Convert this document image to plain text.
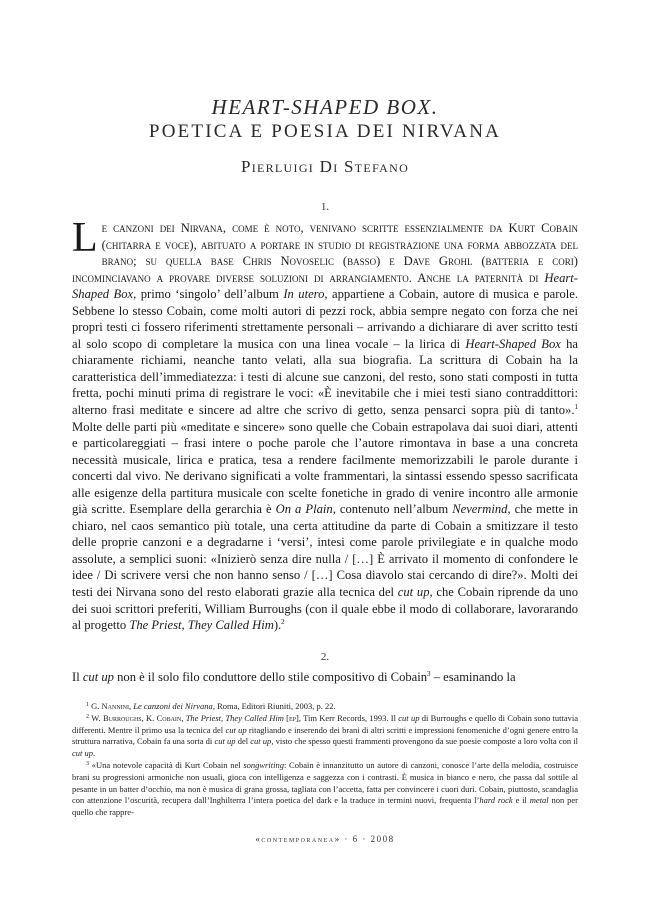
HEART-SHAPED BOX.
POETICA E POESIA DEI NIRVANA
Pierluigi Di Stefano
1.
Le canzoni dei Nirvana, come è noto, venivano scritte essenzialmente da Kurt Cobain (chitarra e voce), abituato a portare in studio di registrazione una forma abbozzata del brano; su quella base Chris Novoselic (basso) e Dave Grohl (batteria e cori) incominciavano a provare diverse soluzioni di arrangiamento. Anche la paternità di Heart-Shaped Box, primo ‘singolo’ dell’album In utero, appartiene a Cobain, autore di musica e parole. Sebbene lo stesso Cobain, come molti autori di pezzi rock, abbia sempre negato con forza che nei propri testi ci fossero riferimenti strettamente personali – arrivando a dichiarare di aver scritto testi al solo scopo di completare la musica con una linea vocale – la lirica di Heart-Shaped Box ha chiaramente richiami, neanche tanto velati, alla sua biografia. La scrittura di Cobain ha la caratteristica dell’immediatezza: i testi di alcune sue canzoni, del resto, sono stati composti in tutta fretta, pochi minuti prima di registrare le voci: «È inevitabile che i miei testi siano contraddittori: alterno frasi meditate e sincere ad altre che scrivo di getto, senza pensarci sopra più di tanto».$^1$ Molte delle parti più «meditate e sincere» sono quelle che Cobain estrapolava dai suoi diari, attenti e particolareggiati – frasi intere o poche parole che l’autore rimontava in base a una concreta necessità musicale, lirica e pratica, tesa a rendere facilmente memorizzabili le parole durante i concerti dal vivo. Ne derivano significati a volte frammentari, la sintassi essendo spesso sacrificata alle esigenze della partitura musicale con scelte fonetiche in grado di venire incontro alle armonie già scritte. Esemplare della gerarchia è On a Plain, contenuto nell’album Nevermind, che mette in chiaro, nel caos semantico più totale, una certa attitudine da parte di Cobain a smitizzare il testo delle proprie canzoni e a degradarne i ‘versi’, intesi come parole privilegiate e in qualche modo assolute, a semplici suoni: «Inizierò senza dire nulla / […] È arrivato il momento di confondere le idee / Di scrivere versi che non hanno senso / […] Cosa diavolo stai cercando di dire?». Molti dei testi dei Nirvana sono del resto elaborati grazie alla tecnica del cut up, che Cobain riprende da uno dei suoi scrittori preferiti, William Burroughs (con il quale ebbe il modo di collaborare, lavorarando al progetto The Priest, They Called Him).$^2$
2.
Il cut up non è il solo filo conduttore dello stile compositivo di Cobain$^3$ – esaminando la

$^1$ G. Nannini, Le canzoni dei Nirvana, Roma, Editori Riuniti, 2003, p. 22.

$^2$ W. Burroughs, K. Cobain, The Priest, They Called Him [ep], Tim Kerr Records, 1993. Il cut up di Burroughs e quello di Cobain sono tuttavia differenti. Mentre il primo usa la tecnica del cut up ritagliando e inserendo dei brani di altri scritti e impressioni fenomeniche d’ogni genere entro la struttura narrativa, Cobain fa una sorta di cut up del cut up, visto che spesso questi frammenti provengono da sue poesie composte a loro volta con il cut up.

$^3$ «Una notevole capacità di Kurt Cobain nel songwriting: Cobain è innanzitutto un autore di canzoni, conosce l’arte della melodia, costruisce brani su progressioni armoniche non usuali, gioca con intelligenza e saggezza con i contrasti. È musica in bianco e nero, che passa dal sottile al pesante in un batter d’occhio, ma non è musica di grana grossa, tagliata con l’accetta, fatta per convincere i cuori duri. Cobain, piuttosto, scandaglia con attenzione l’oscurità, recupera dall’Inghilterra l’intera poetica del dark e la traduce in termini nuovi, frequenta l’hard rock e il metal non per quello che rappre-

«contemporanea» · 6 · 2008
